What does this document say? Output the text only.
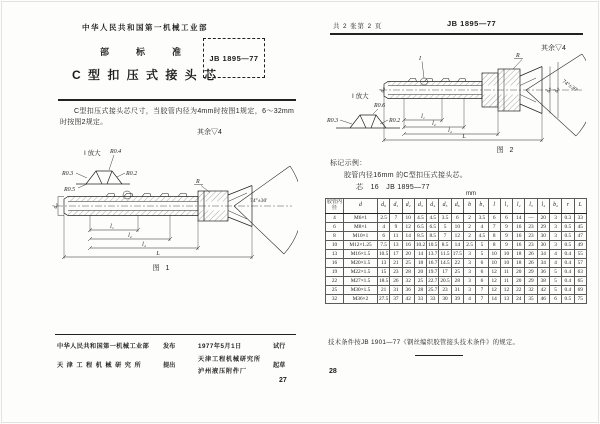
中华人民共和国第一机械工业部
部　标　准
C 型 扣 压 式 接 头 芯
JB 1895—77
C型扣压式接头芯尺寸，当胶管内径为4mm时按图1规定，6～32mm时按图2规定。
其余▽4
I 放大 R0.4
R0.3	R0.2
R0.5
74°±30′
R
d₀
l₁
l₂
l₄
L
图 1
中华人民共和国第一机械工业部 发布	1977年5月1日	试行
天津工程机械研究所	提出
天津工程机械研究所
泸州液压附件厂
起草
27
共 2 张第 2 页	JB 1895—77
其余▽4
I	R
d₅ d₆ 74°±30′
d₀
l₁
l₂
l₄
L
图 2
I 放大
R0.6
R0.3	R0.2
标记示例：
胶管内径16mm 的C型扣压式接头芯。
芯　16　JB 1895—77
mm
胶管内径	d	d₀	d₁	d₂	d₃	d₄	d₅	d₆	b	b₁	l	l₁	l₂	l₃	l₄	b₂	r	L
4	M6×1	2.5	7	10	4.5	4.5	3.5	6	2	3.5	6	6	14	—	20	3	0.3	33
6	M8×1	4	9	12	6.5	6.5	5	10	2	4	7	9	16	23	29	3	0.5	45
8	M10×1	6	11	14	8.5	8.5	7	12	2	4.5	8	9	16	23	30	3	0.5	47
10	M12×1.25	7.5	13	16	10.2	10.5	8.5	14	2.5	5	8	9	16	23	30	3	0.5	49
13	M16×1.5	10.5	17	20	14	13.7	11.5	17.5	3	5	10	10	18	26	34	4	0.4	55
16	M20×1.5	13	21	25	18	16.7	14.5	22	3	6	10	10	18	26	34	4	0.4	57
19	M22×1.5	15	23	28	20	19.7	17	25	3	6	12	11	20	29	36	5	0.4	63
22	M27×1.5	18.5	26	32	25	22.7	20.5	28	3	6	12	11	20	29	38	5	0.4	65
25	M30×1.5	21	31	36	28	25.7	23	31	3	7	12	12	22	32	42	5	0.4	69
32	M36×2	27.5	37	42	33	33	30	39	4	7	14	13	24	35	46	6	0.5	75
技术条件按JB 1901—77《钢丝编织胶管接头技术条件》的规定。
28
